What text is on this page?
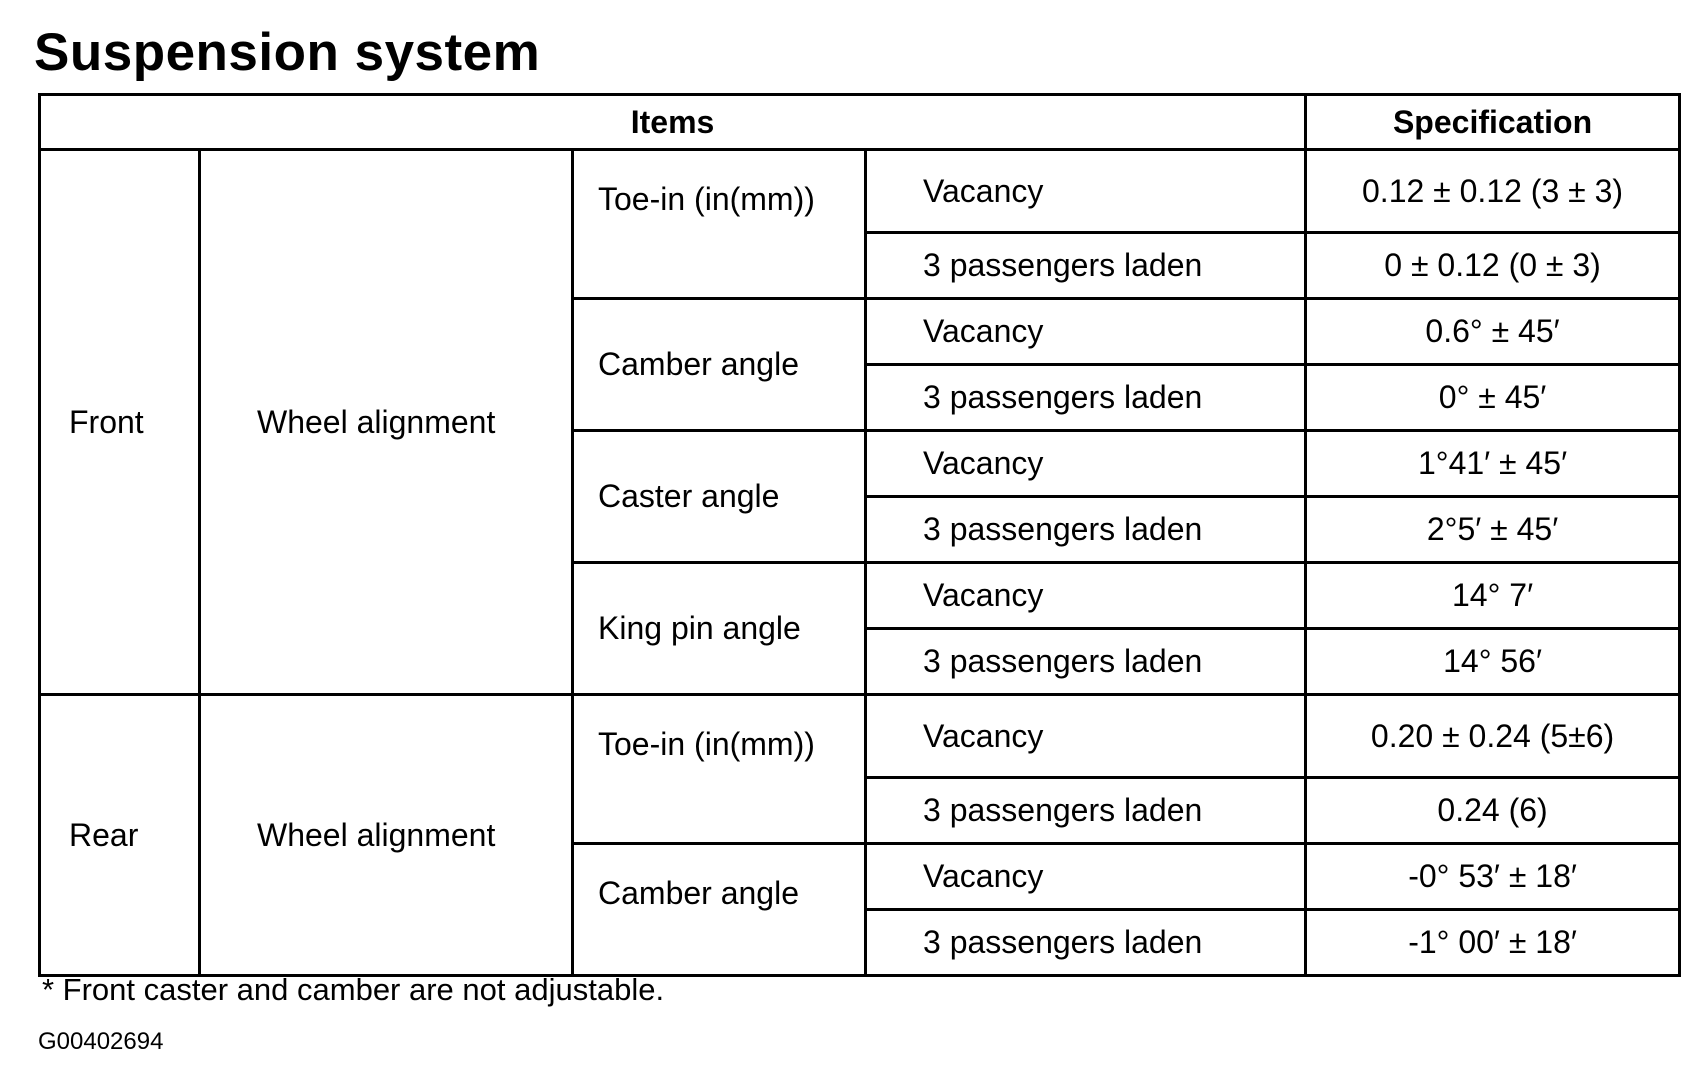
Suspension system
Items				Specification
Front	Wheel alignment	Toe-in (in(mm))	Vacancy	0.12 ± 0.12 (3 ± 3)
			3 passengers laden	0 ± 0.12 (0 ± 3)
		Camber angle	Vacancy	0.6° ± 45′
			3 passengers laden	0° ± 45′
		Caster angle	Vacancy	1°41′ ± 45′
			3 passengers laden	2°5′ ± 45′
		King pin angle	Vacancy	14° 7′
			3 passengers laden	14° 56′
Rear	Wheel alignment	Toe-in (in(mm))	Vacancy	0.20 ± 0.24 (5±6)
			3 passengers laden	0.24 (6)
		Camber angle	Vacancy	-0° 53′ ± 18′
			3 passengers laden	-1° 00′ ± 18′
* Front caster and camber are not adjustable.
G00402694
